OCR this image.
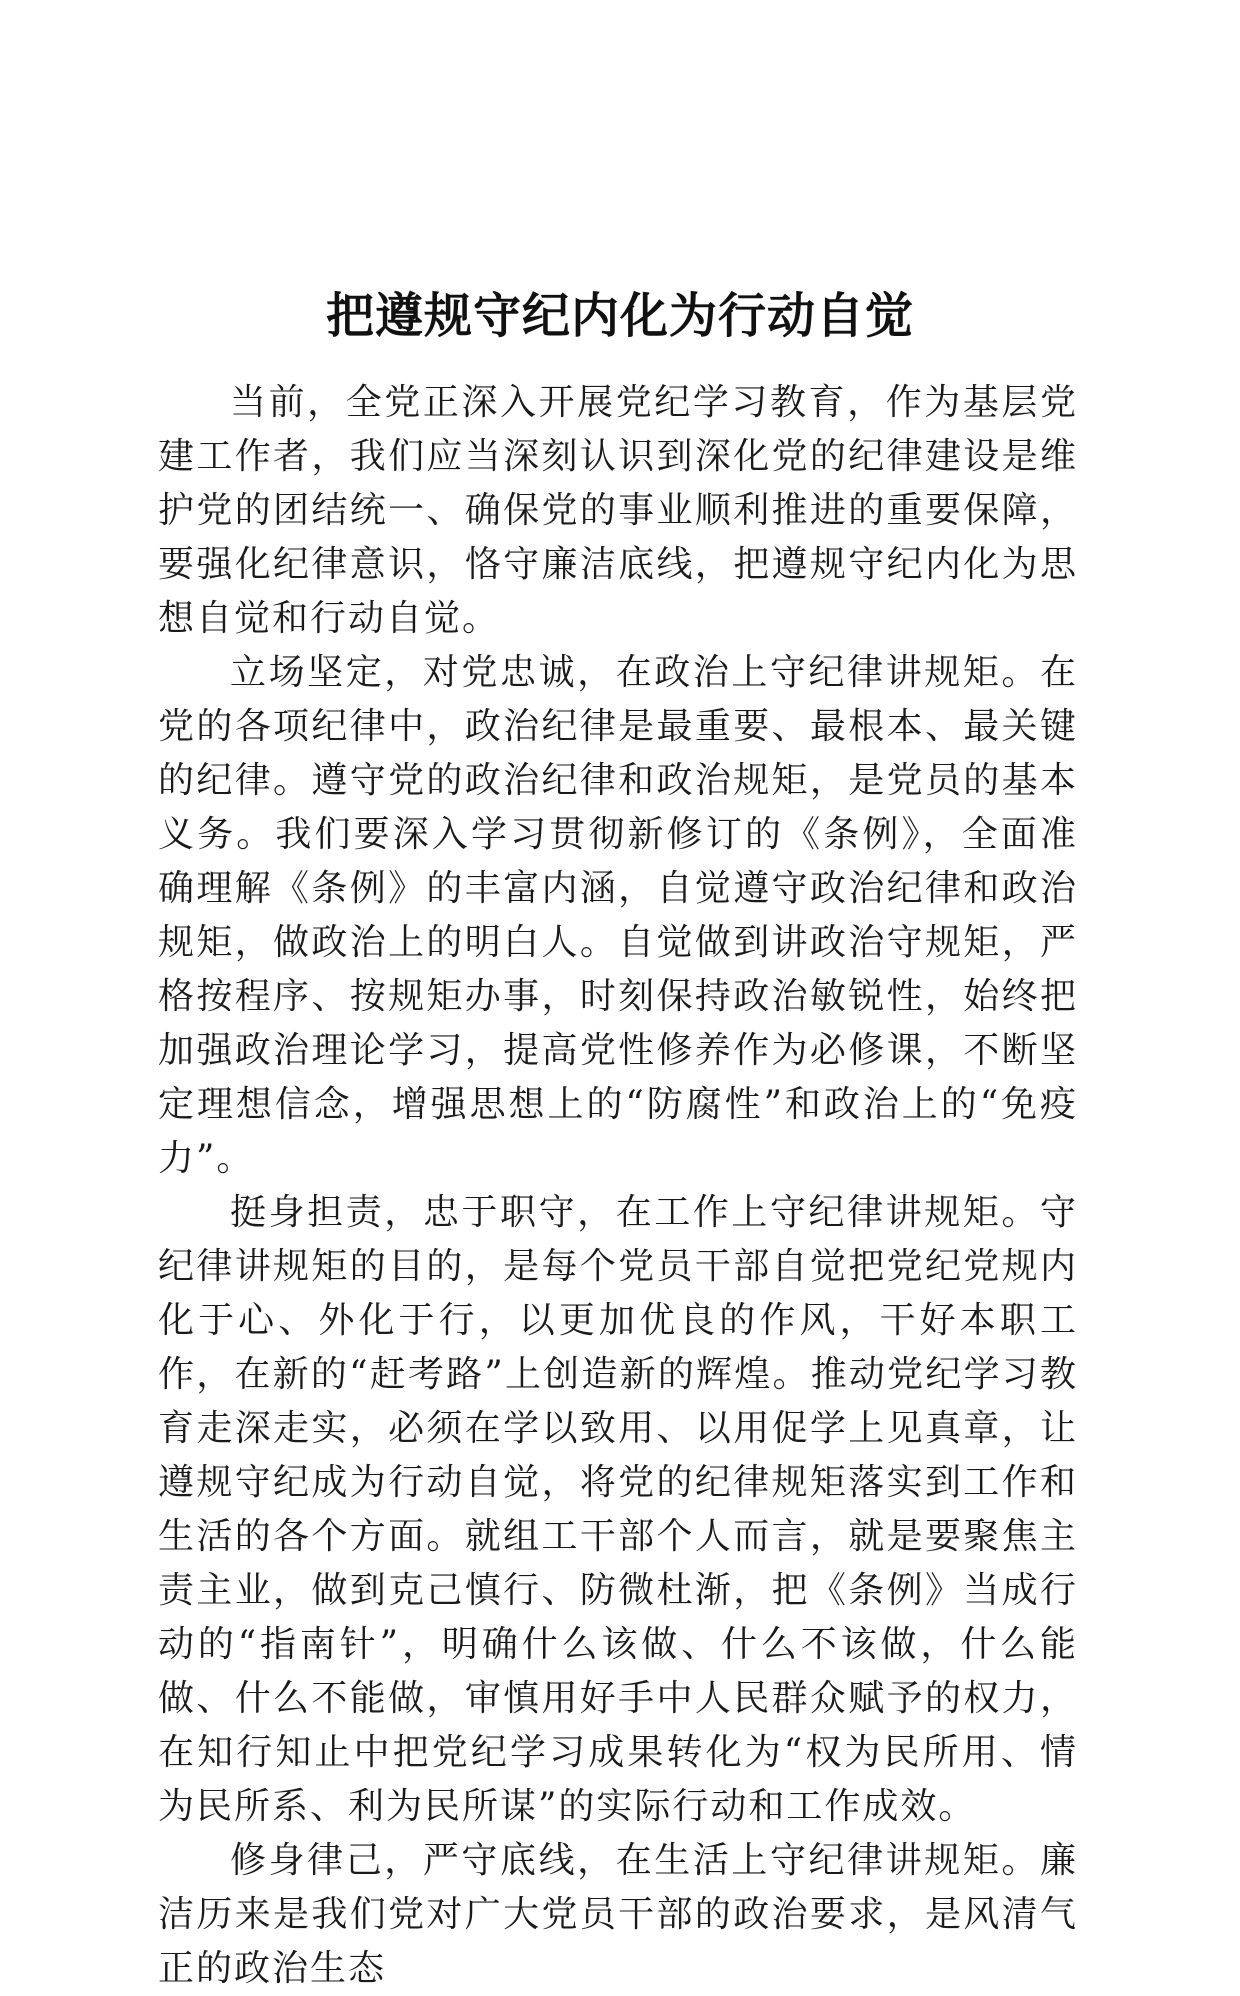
把遵规守纪内化为行动自觉

当前，全党正深入开展党纪学习教育，作为基层党建工作者，我们应当深刻认识到深化党的纪律建设是维护党的团结统一、确保党的事业顺利推进的重要保障，要强化纪律意识，恪守廉洁底线，把遵规守纪内化为思想自觉和行动自觉。

立场坚定，对党忠诚，在政治上守纪律讲规矩。在党的各项纪律中，政治纪律是最重要、最根本、最关键的纪律。遵守党的政治纪律和政治规矩，是党员的基本义务。我们要深入学习贯彻新修订的《条例》，全面准确理解《条例》的丰富内涵，自觉遵守政治纪律和政治规矩，做政治上的明白人。自觉做到讲政治守规矩，严格按程序、按规矩办事，时刻保持政治敏锐性，始终把加强政治理论学习，提高党性修养作为必修课，不断坚定理想信念，增强思想上的“防腐性”和政治上的“免疫力”。

挺身担责，忠于职守，在工作上守纪律讲规矩。守纪律讲规矩的目的，是每个党员干部自觉把党纪党规内化于心、外化于行，以更加优良的作风，干好本职工作，在新的“赶考路”上创造新的辉煌。推动党纪学习教育走深走实，必须在学以致用、以用促学上见真章，让遵规守纪成为行动自觉，将党的纪律规矩落实到工作和生活的各个方面。就组工干部个人而言，就是要聚焦主责主业，做到克己慎行、防微杜渐，把《条例》当成行动的“指南针”，明确什么该做、什么不该做，什么能做、什么不能做，审慎用好手中人民群众赋予的权力，在知行知止中把党纪学习成果转化为“权为民所用、情为民所系、利为民所谋”的实际行动和工作成效。

修身律己，严守底线，在生活上守纪律讲规矩。廉洁历来是我们党对广大党员干部的政治要求，是风清气正的政治生态
